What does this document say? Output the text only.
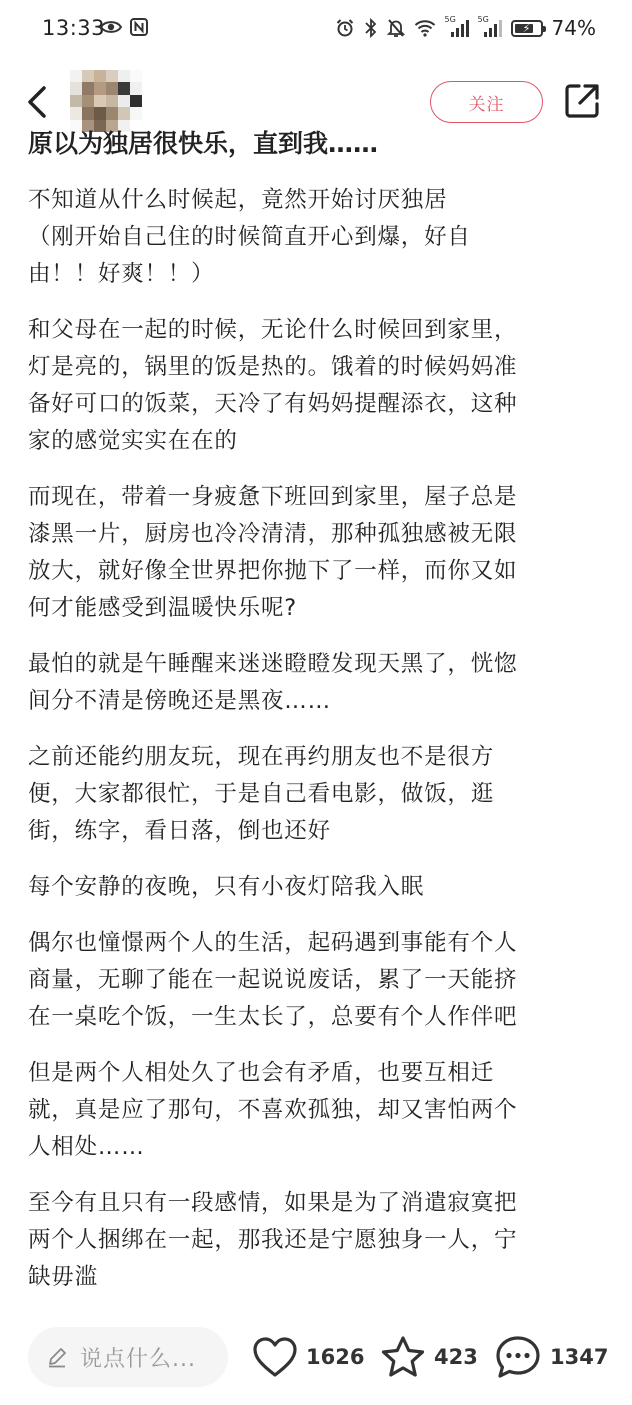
13:33	5G	5G
⚡ 74%
关注
原以为独居很快乐，直到我……
不知道从什么时候起，竟然开始讨厌独居
（刚开始自己住的时候简直开心到爆，好自
由！！好爽！！）
和父母在一起的时候，无论什么时候回到家里，
灯是亮的，锅里的饭是热的。饿着的时候妈妈准
备好可口的饭菜，天冷了有妈妈提醒添衣，这种
家的感觉实实在在的
而现在，带着一身疲惫下班回到家里，屋子总是
漆黑一片，厨房也冷冷清清，那种孤独感被无限
放大，就好像全世界把你抛下了一样，而你又如
何才能感受到温暖快乐呢?
最怕的就是午睡醒来迷迷瞪瞪发现天黑了，恍惚
间分不清是傍晚还是黑夜……
之前还能约朋友玩，现在再约朋友也不是很方
便，大家都很忙，于是自己看电影，做饭，逛
街，练字，看日落，倒也还好
每个安静的夜晚，只有小夜灯陪我入眠
偶尔也憧憬两个人的生活，起码遇到事能有个人
商量，无聊了能在一起说说废话，累了一天能挤
在一桌吃个饭，一生太长了，总要有个人作伴吧
但是两个人相处久了也会有矛盾，也要互相迁
就，真是应了那句，不喜欢孤独，却又害怕两个
人相处……
至今有且只有一段感情，如果是为了消遣寂寞把
两个人捆绑在一起，那我还是宁愿独身一人，宁
缺毋滥
说点什么...	1626	423	1347
